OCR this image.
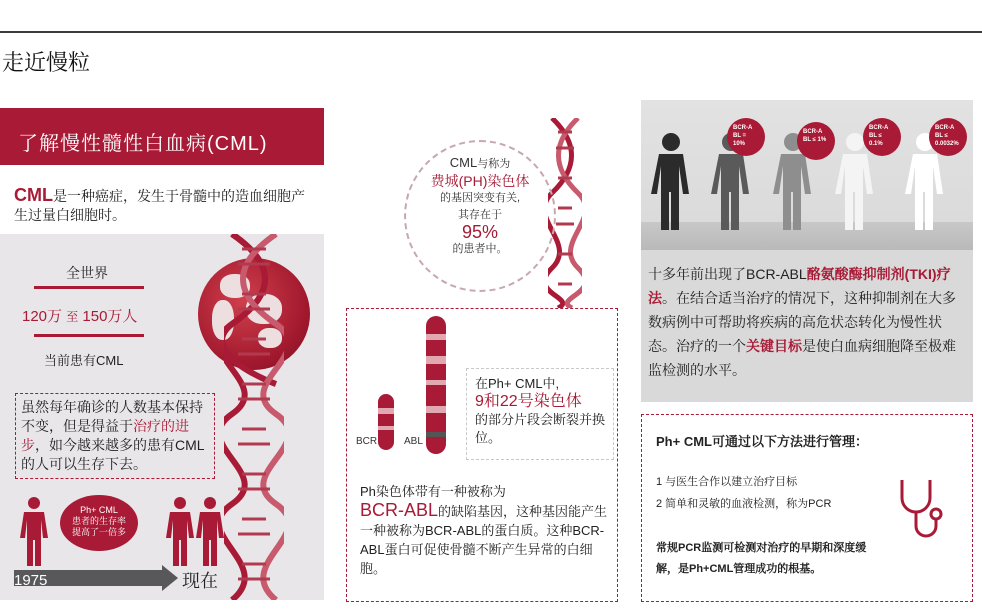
走近慢粒
了解慢性髓性白血病(CML)
CML是一种癌症，发生于骨髓中的造血细胞产生过量白细胞时。
全世界
120万 至 150万人
当前患有CML
虽然每年确诊的人数基本保持不变，但是得益于治疗的进步，如今越来越多的患有CML的人可以生存下去。
Ph+ CML
患者的生存率
提高了一倍多
1975	现在
CML与称为
费城(PH)染色体
的基因突变有关,
其存在于
95%
的患者中。
BCR	ABL
在Ph+ CML中,
9和22号染色体
的部分片段会断裂并换位。
Ph染色体带有一种被称为
BCR-ABL的缺陷基因，这种基因能产生一种被称为BCR-ABL的蛋白质。这种BCR-ABL蛋白可促使骨髓不断产生异常的白细胞。
BCR-A
BL =
10%
BCR-A
BL ≤ 1%
BCR-A
BL ≤
0.1%
BCR-A
BL ≤
0.0032%
十多年前出现了BCR-ABL酪氨酸酶抑制剂(TKI)疗法。在结合适当治疗的情况下，这种抑制剂在大多数病例中可帮助将疾病的高危状态转化为慢性状态。治疗的一个关键目标是使白血病细胞降至极难监检测的水平。
Ph+ CML可通过以下方法进行管理：
1 与医生合作以建立治疗目标
2 简单和灵敏的血液检测，称为PCR
常规PCR监测可检测对治疗的早期和深度缓解，是Ph+CML管理成功的根基。
